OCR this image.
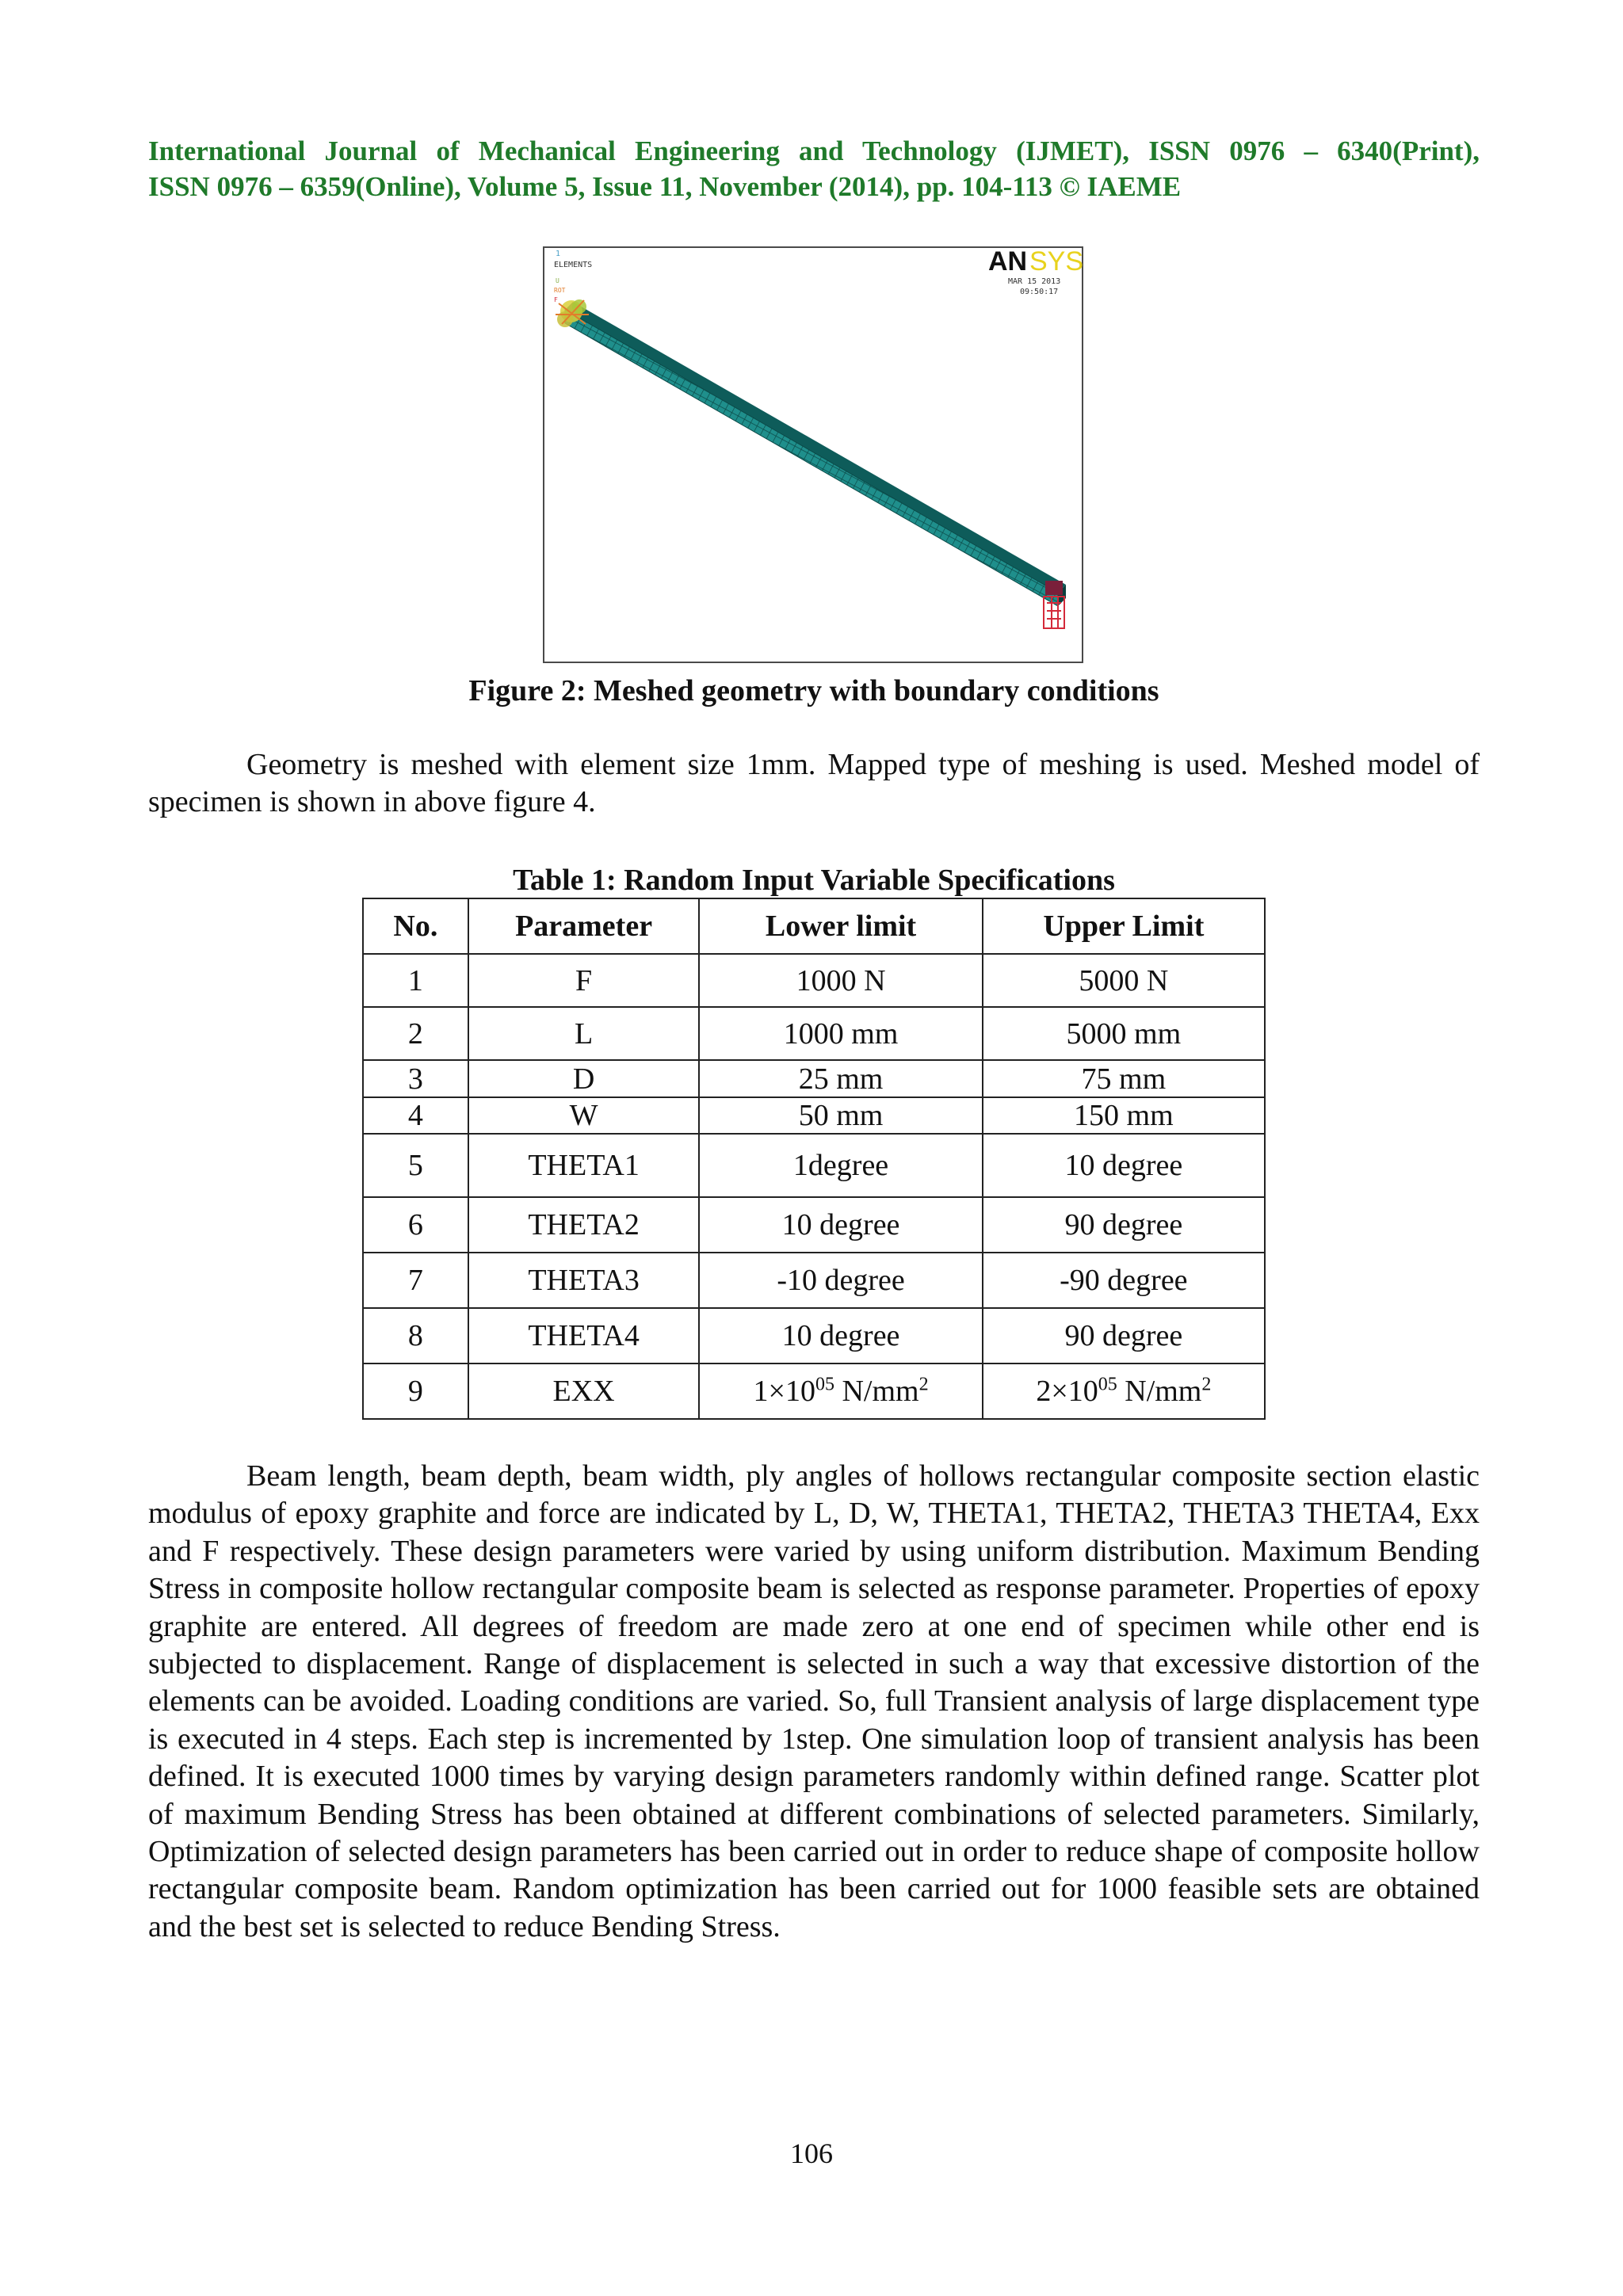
International Journal of Mechanical Engineering and Technology (IJMET), ISSN 0976 – 6340(Print),
ISSN 0976 – 6359(Online), Volume 5, Issue 11, November (2014), pp. 104-113 © IAEME
1
ELEMENTS
U
ROT
F
AN SYS
MAR 15 2013
09:50:17
Figure 2: Meshed geometry with boundary conditions
Geometry is meshed with element size 1mm. Mapped type of meshing is used. Meshed model of specimen is shown in above figure 4.
Table 1: Random Input Variable Specifications
No.	Parameter	Lower limit	Upper Limit
1	F	1000 N	5000 N
2	L	1000 mm	5000 mm
3	D	25 mm	75 mm
4	W	50 mm	150 mm
5	THETA1	1degree	10 degree
6	THETA2	10 degree	90 degree
7	THETA3	-10 degree	-90 degree
8	THETA4	10 degree	90 degree
9	EXX	$1\times 10^{05}$ $N/mm^2$	$2\times 10^{05}$ $N/mm^2$
Beam length, beam depth, beam width, ply angles of hollows rectangular composite section elastic modulus of epoxy graphite and force are indicated by L, D, W, THETA1, THETA2, THETA3 THETA4, Exx and F respectively. These design parameters were varied by using uniform distribution. Maximum Bending Stress in composite hollow rectangular composite beam is selected as response parameter. Properties of epoxy graphite are entered. All degrees of freedom are made zero at one end of specimen while other end is subjected to displacement. Range of displacement is selected in such a way that excessive distortion of the elements can be avoided. Loading conditions are varied. So, full Transient analysis of large displacement type is executed in 4 steps. Each step is incremented by 1step. One simulation loop of transient analysis has been defined. It is executed 1000 times by varying design parameters randomly within defined range. Scatter plot of maximum Bending Stress has been obtained at different combinations of selected parameters. Similarly, Optimization of selected design parameters has been carried out in order to reduce shape of composite hollow rectangular composite beam. Random optimization has been carried out for 1000 feasible sets are obtained and the best set is selected to reduce Bending Stress.
106
